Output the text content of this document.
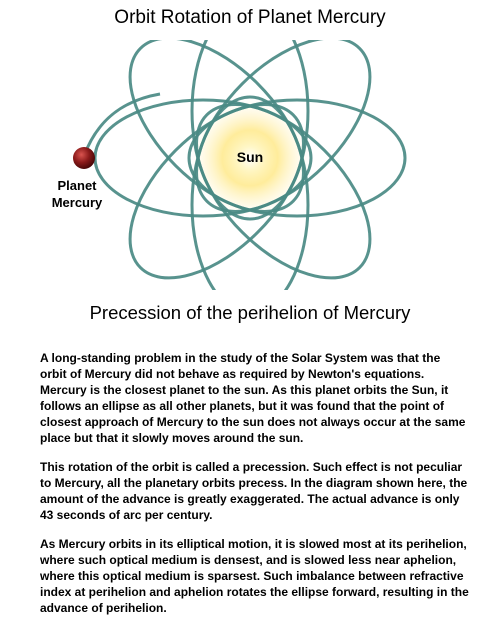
Orbit Rotation of Planet Mercury
Planet
Mercury
Sun
Precession of the perihelion of Mercury

A long-standing problem in the study of the Solar System was that the orbit of Mercury did not behave as required by Newton's equations. Mercury is the closest planet to the sun. As this planet orbits the Sun, it follows an ellipse as all other planets, but it was found that the point of closest approach of Mercury to the sun does not always occur at the same place but that it slowly moves around the sun.

This rotation of the orbit is called a precession. Such effect is not peculiar to Mercury, all the planetary orbits precess. In the diagram shown here, the amount of the advance is greatly exaggerated. The actual advance is only 43 seconds of arc per century.

As Mercury orbits in its elliptical motion, it is slowed most at its perihelion, where such optical medium is densest, and is slowed less near aphelion, where this optical medium is sparsest. Such imbalance between refractive index at perihelion and aphelion rotates the ellipse forward, resulting in the advance of perihelion.
